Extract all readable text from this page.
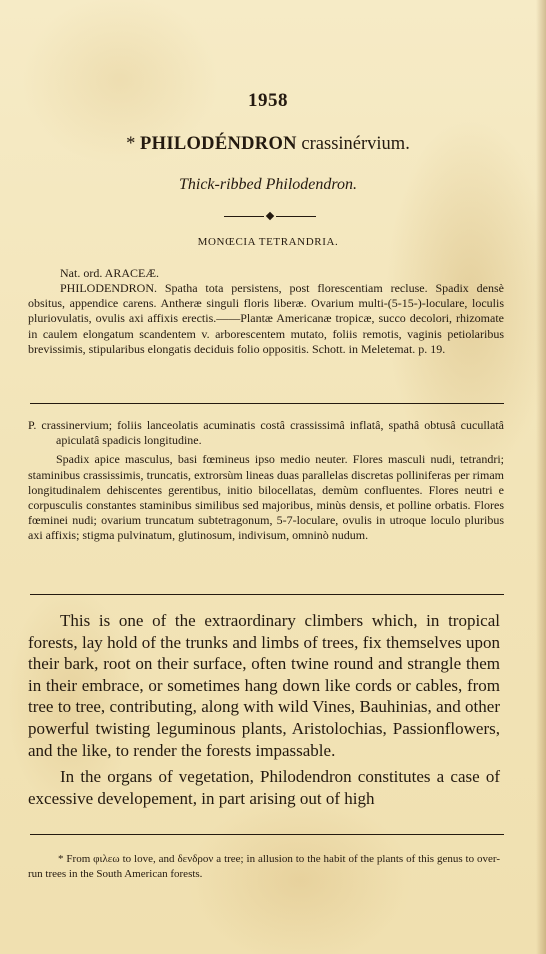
1958
* PHILODÉNDRON crassinérvium.
Thick-ribbed Philodendron.
MONŒCIA TETRANDRIA.
Nat. ord. ARACEÆ.

PHILODENDRON. Spatha tota persistens, post florescentiam recluse. Spadix densè obsitus, appendice carens. Antheræ singuli floris liberæ. Ovarium multi-(5-15-)-loculare, loculis pluriovulatis, ovulis axi affixis erectis.——Plantæ Americanæ tropicæ, succo decolori, rhizomate in caulem elongatum scandentem v. arborescentem mutato, foliis remotis, vaginis petiolaribus brevissimis, stipularibus elongatis deciduis folio oppositis. Schott. in Meletemat. p. 19.

P. crassinervium; foliis lanceolatis acuminatis costâ crassissimâ inflatâ, spathâ obtusâ cucullatâ apiculatâ spadicis longitudine.

Spadix apice masculus, basi fœmineus ipso medio neuter. Flores masculi nudi, tetrandri; staminibus crassissimis, truncatis, extrorsùm lineas duas parallelas discretas polliniferas per rimam longitudinalem dehiscentes gerentibus, initio bilocellatas, demùm confluentes. Flores neutri e corpusculis constantes staminibus similibus sed majoribus, minùs densis, et polline orbatis. Flores fœminei nudi; ovarium truncatum subtetragonum, 5-7-loculare, ovulis in utroque loculo pluribus axi affixis; stigma pulvinatum, glutinosum, indivisum, omninò nudum.

This is one of the extraordinary climbers which, in tropical forests, lay hold of the trunks and limbs of trees, fix themselves upon their bark, root on their surface, often twine round and strangle them in their embrace, or sometimes hang down like cords or cables, from tree to tree, contributing, along with wild Vines, Bauhinias, and other powerful twisting leguminous plants, Aristolochias, Passionflowers, and the like, to render the forests impassable.

In the organs of vegetation, Philodendron constitutes a case of excessive developement, in part arising out of high

* From φιλεω to love, and δενδρον a tree; in allusion to the habit of the plants of this genus to over-run trees in the South American forests.
